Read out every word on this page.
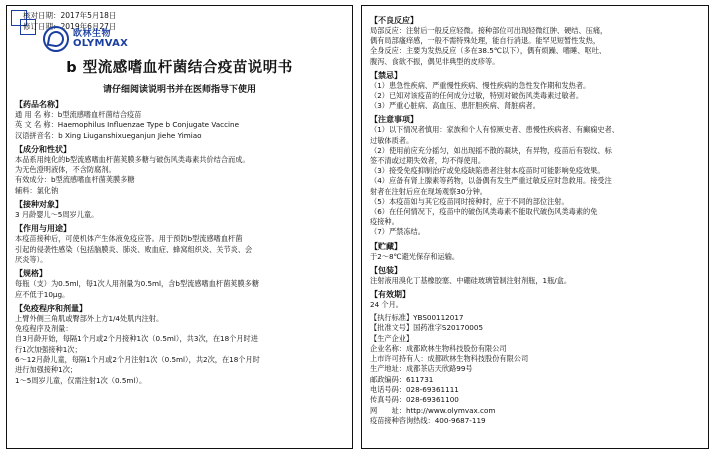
核对日期：2017年5月18日
修订日期：2019年6月27日
欧林生物
OLYMVAX
b 型流感嗜血杆菌结合疫苗说明书
请仔细阅读说明书并在医师指导下使用
【药品名称】
通 用 名 称：b型流感嗜血杆菌结合疫苗
英 文 名 称：Haemophilus Influenzae Type b Conjugate Vaccine
汉语拼音名：b Xing Liuganshixueganjun Jiehe Yimiao
【成分和性状】
本品系用纯化的b型流感嗜血杆菌荚膜多糖与破伤风类毒素共价结合而成。
为无色澄明液体，不含防腐剂。
有效成分：b型流感嗜血杆菌荚膜多糖
辅料：氯化钠
【接种对象】
3 月龄婴儿～5周岁儿童。
【作用与用途】
本疫苗接种后，可使机体产生体液免疫应答。用于预防b型流感嗜血杆菌
引起的侵袭性感染（包括脑膜炎、肺炎、败血症、蜂窝组织炎、关节炎、会
厌炎等）。
【规格】
每瓶（支）为0.5ml，每1次人用剂量为0.5ml，含b型流感嗜血杆菌荚膜多糖
应不低于10μg。
【免疫程序和剂量】
上臂外侧三角肌或臀部外上方1/4处肌内注射。
免疫程序及剂量：
自3月龄开始，每隔1个月或2个月接种1次（0.5ml），共3次，在18个月时进
行1次加强接种1次；
6～12月龄儿童，每隔1个月或2个月注射1次（0.5ml），共2次，在18个月时
进行加强接种1次；
1～5周岁儿童，仅需注射1次（0.5ml）。
【不良反应】
局部反应：注射后一般反应轻微。接种部位可出现轻微红肿、硬结、压痛，
偶有局部瘙痒感，一般不需特殊处理，能自行消退。能罕见短暂性发热，
全身反应：主要为发热反应（多在38.5℃以下），偶有烦躁、嗜睡、呕吐、
腹泻、食欲不振，偶见非典型的皮疹等。
【禁忌】
（1）患急性疾病、严重慢性疾病、慢性疾病的急性发作期和发热者。
（2）已知对该疫苗的任何成分过敏，特别对破伤风类毒素过敏者。
（3）严重心脏病、高血压、患肝胆疾病、肾脏病者。
【注意事项】
（1）以下情况者慎用：家族和个人有惊厥史者、患慢性疾病者、有癫痫史者、
过敏体质者。
（2）使用前应充分摇匀，如出现摇不散的凝块，有异物，疫苗后有裂纹、标
签不清或过期失效者，均不得使用。
（3）接受免疫抑制治疗或免疫缺陷患者注射本疫苗时可能影响免疫效果。
（4）应备有肾上腺素等药物，以备偶有发生严重过敏反应时急救用。接受注
射者在注射后应在现场观察30分钟。
（5）本疫苗如与其它疫苗同时接种时，应于不同的部位注射。
（6）在任何情况下，疫苗中的破伤风类毒素不能取代破伤风类毒素的免
疫接种。
（7）严禁冻结。
【贮藏】
于2～8℃避光保存和运输。
【包装】
注射液用溴化丁基橡胶塞、中硼硅玻璃管制注射剂瓶，1瓶/盒。
【有效期】
24 个月。
【执行标准】YBS00112017
【批准文号】国药准字S20170005
【生产企业】
企业名称：成都欧林生物科技股份有限公司
上市许可持有人：成都欧林生物科技股份有限公司
生产地址：成都茶店天欣路99号
邮政编码：611731
电话号码：028-69361111
传真号码：028-69361100
网　　址：http://www.olymvax.com
疫苗接种咨询热线：400-9687-119
